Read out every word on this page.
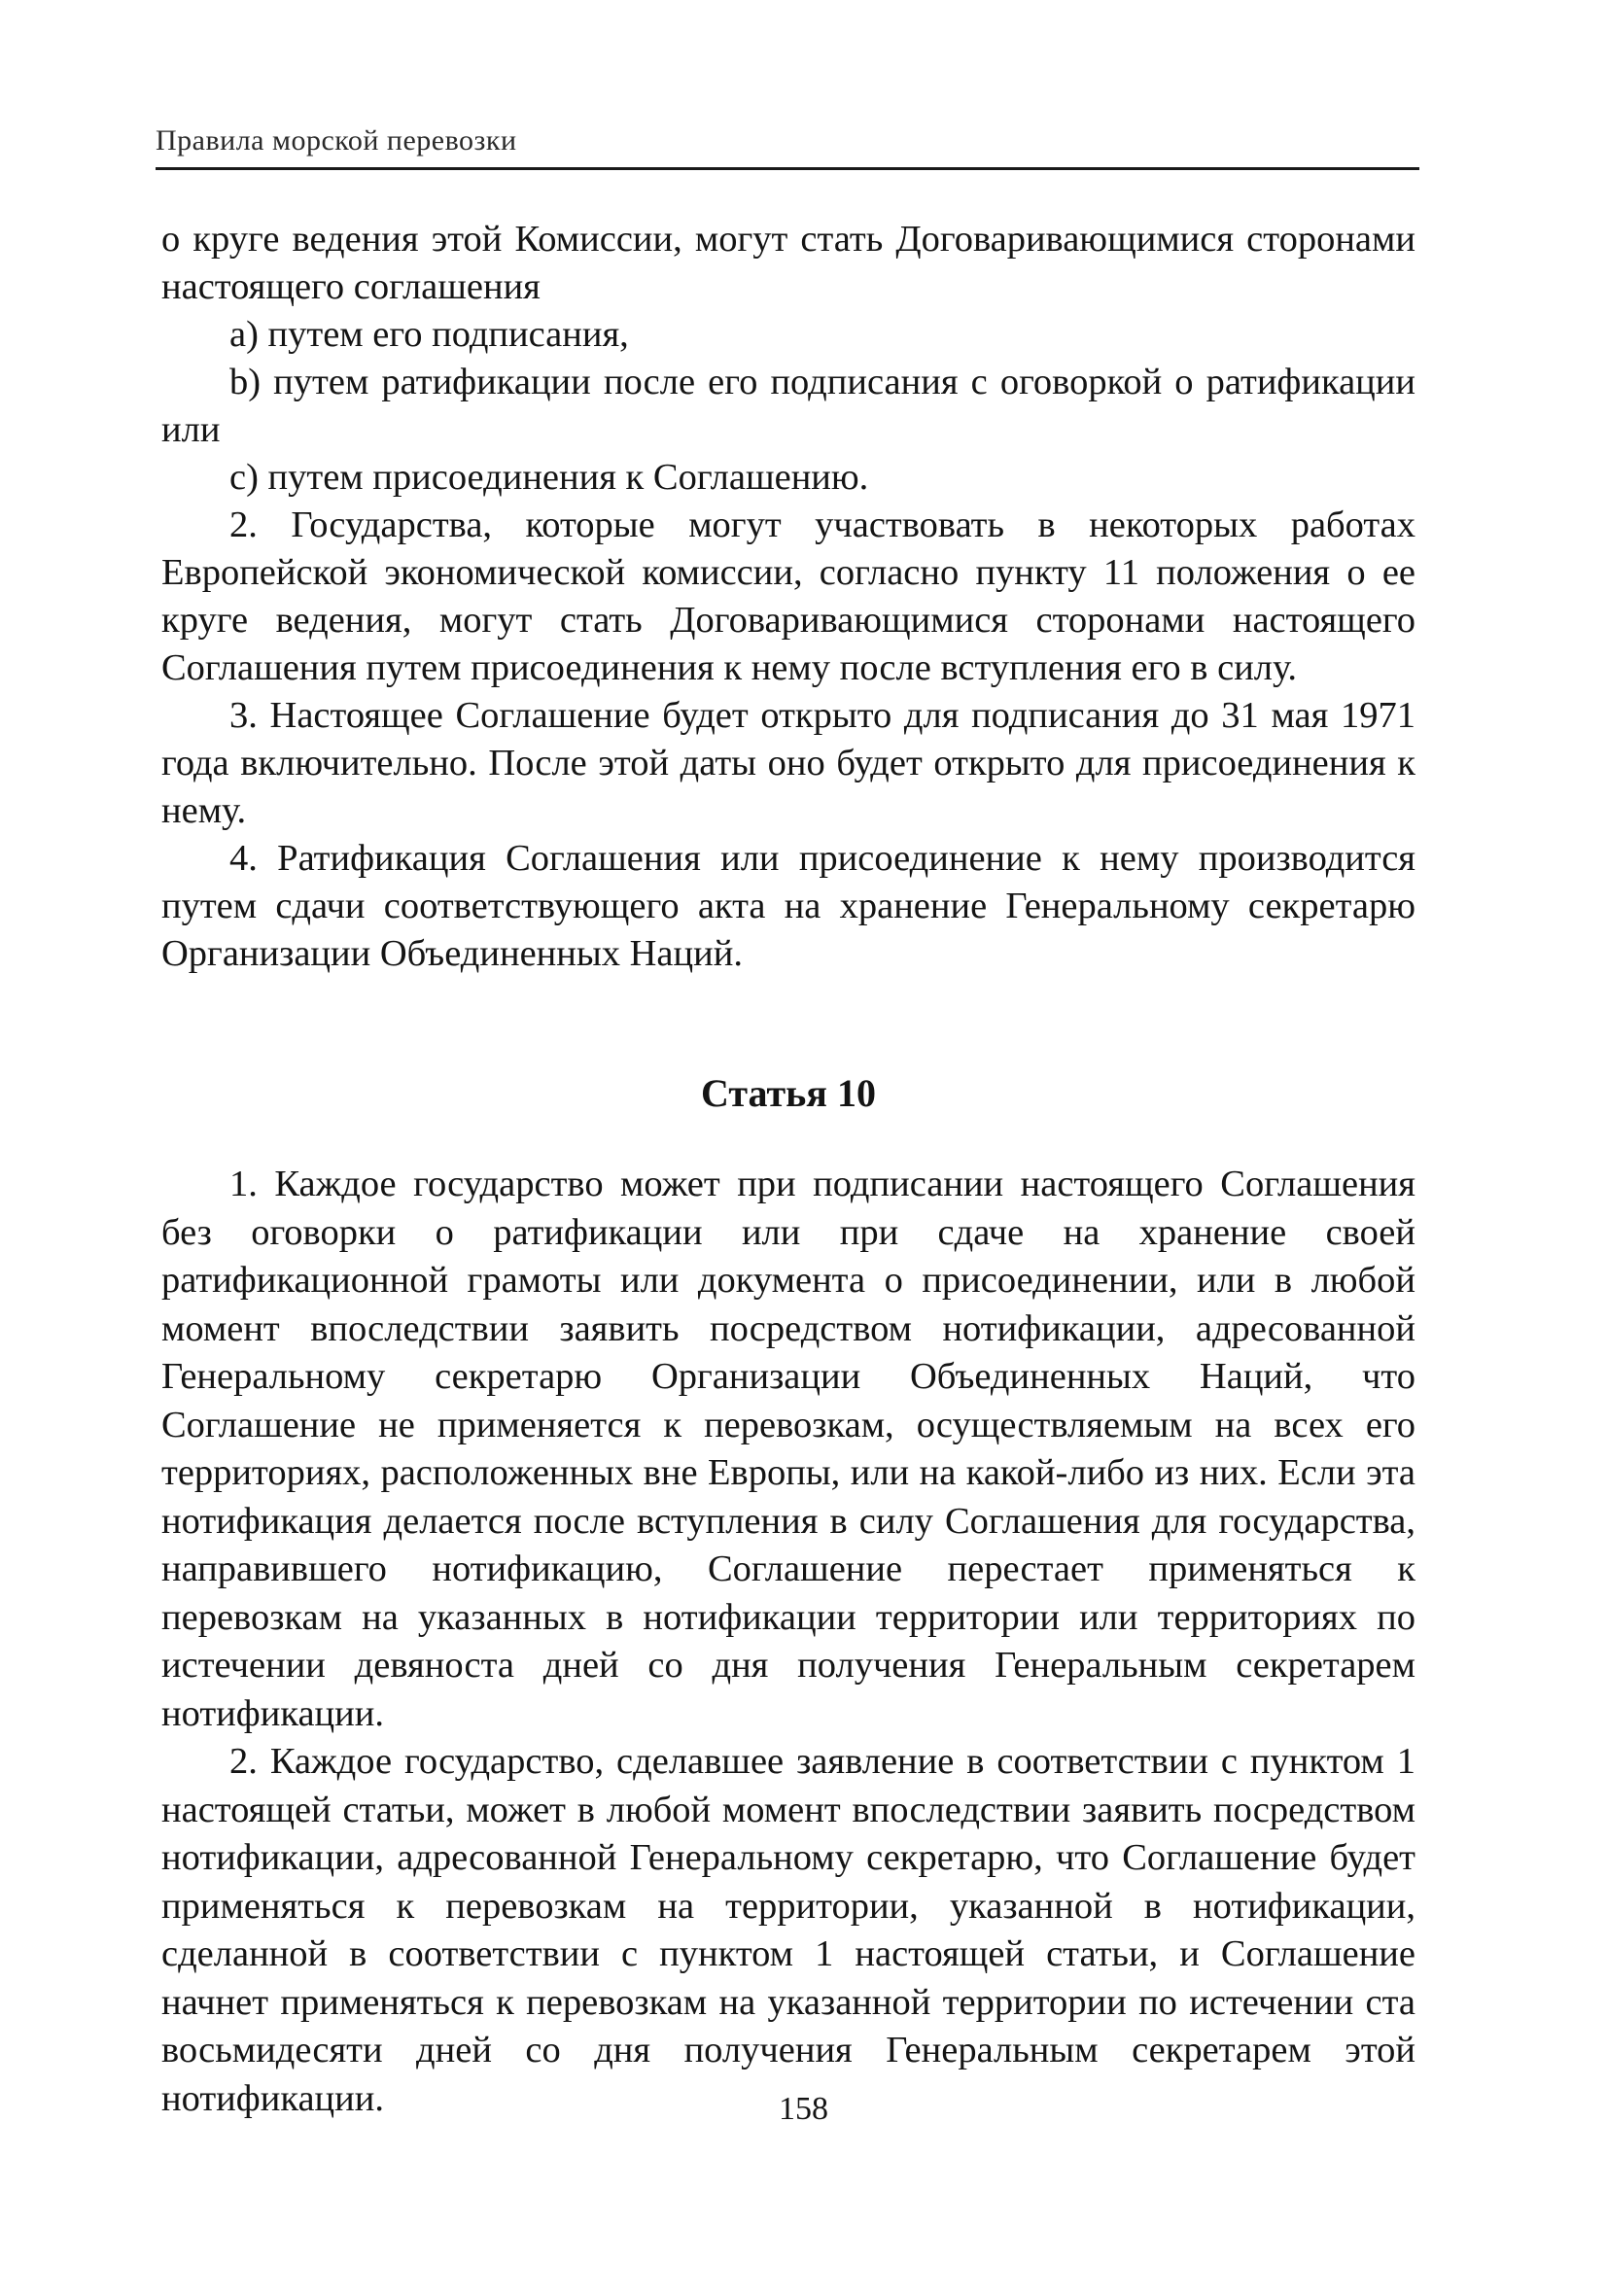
Правила морской перевозки

о круге ведения этой Комиссии, могут стать Договаривающимися сторонами настоящего соглашения

a) путем его подписания,

b) путем ратификации после его подписания с оговоркой о ратификации или

c) путем присоединения к Соглашению.

2. Государства, которые могут участвовать в некоторых работах Европейской экономической комиссии, согласно пункту 11 положения о ее круге ведения, могут стать Договаривающимися сторонами настоящего Соглашения путем присоединения к нему после вступления его в силу.

3. Настоящее Соглашение будет открыто для подписания до 31 мая 1971 года включительно. После этой даты оно будет открыто для присоединения к нему.

4. Ратификация Соглашения или присоединение к нему производится путем сдачи соответствующего акта на хранение Генеральному секретарю Организации Объединенных Наций.

Статья 10

1. Каждое государство может при подписании настоящего Соглашения без оговорки о ратификации или при сдаче на хранение своей ратификационной грамоты или документа о присоединении, или в любой момент впоследствии заявить посредством нотификации, адресованной Генеральному секретарю Организации Объединенных Наций, что Соглашение не применяется к перевозкам, осуществляемым на всех его территориях, расположенных вне Европы, или на какой-либо из них. Если эта нотификация делается после вступления в силу Соглашения для государства, направившего нотификацию, Соглашение перестает применяться к перевозкам на указанных в нотификации территории или территориях по истечении девяноста дней со дня получения Генеральным секретарем нотификации.

2. Каждое государство, сделавшее заявление в соответствии с пунктом 1 настоящей статьи, может в любой момент впоследствии заявить посредством нотификации, адресованной Генеральному секретарю, что Соглашение будет применяться к перевозкам на территории, указанной в нотификации, сделанной в соответствии с пунктом 1 настоящей статьи, и Соглашение начнет применяться к перевозкам на указанной территории по истечении ста восьмидесяти дней со дня получения Генеральным секретарем этой нотификации.	158
